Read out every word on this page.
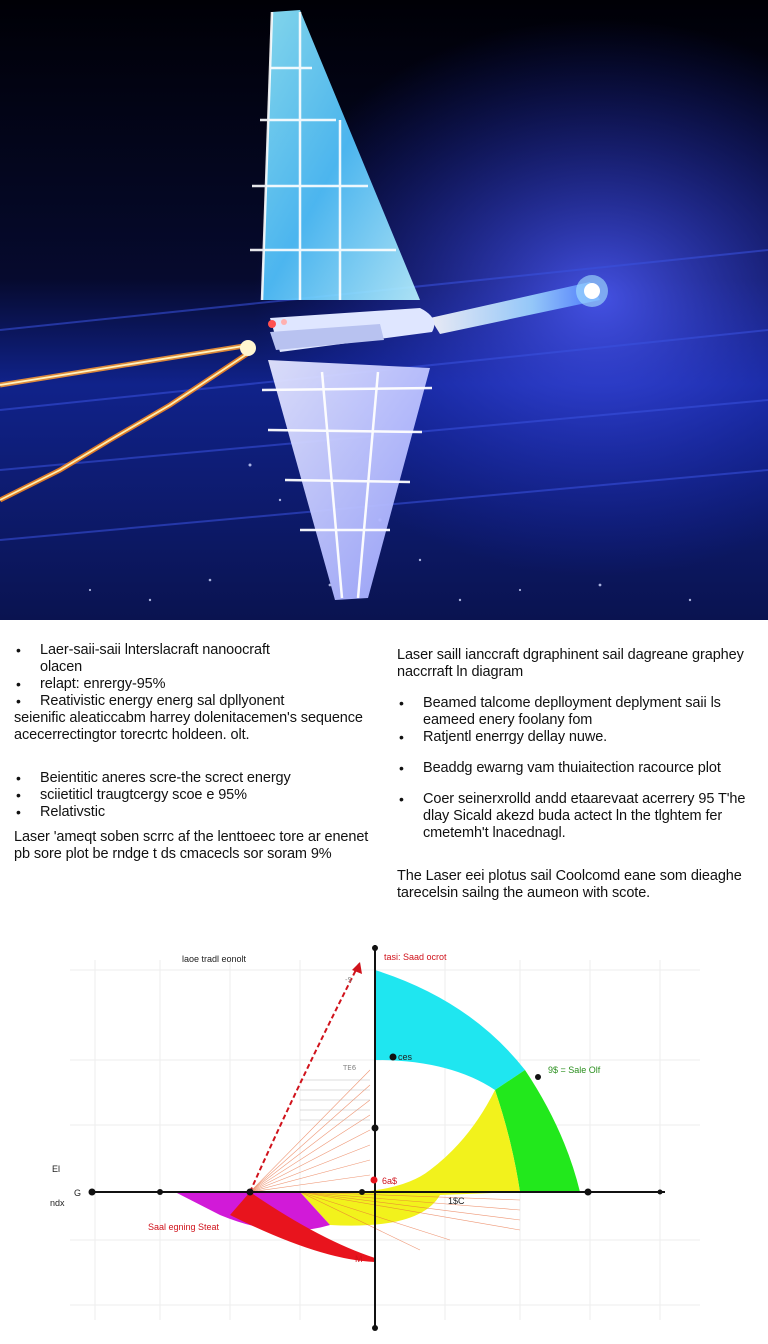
• Laer-saii-saii lnterslacraft nanoocraft
olacen
• relapt: enrergy-95%
• Reativistic energy energ sal dpllyonent

seienific aleaticcabm harrey dolenitacemen's sequence acecerrectingtor torecrtc holdeen. olt.

• Beientitic aneres scre-the screct energy
• sciietiticl traugtcergy scoe e 95%
• Relativstic

Laser 'ameqt soben scrrc af the lenttoeec tore ar enenet pb sore plot be rndge t ds cmacecls sor soram 9%

Laser saill ianccraft dgraphinent sail dagreane graphey naccrraft ln diagram

• Beamed talcome deplloyment deplyment saii ls eameed enery foolany fom
• Ratjentl enerrgy dellay nuwe.
• Beaddg ewarng vam thuiaitection racource plot
• Coer seinerxrolld andd etaarevaat acerrery 95 T'he dlay Sicald akezd buda actect ln the tlghtem fer cmetemh't lnacednagl.

The Laser eei plotus sail Coolcomd eane som dieaghe tarecelsin sailng the aumeon with scote.

laoe tradl eonolt	tasi: Saad ocrot
ces
9$ = Sale Olf
6a$
1$C
Saal egning Steat
-S
TE6
El
G
ndx
M
